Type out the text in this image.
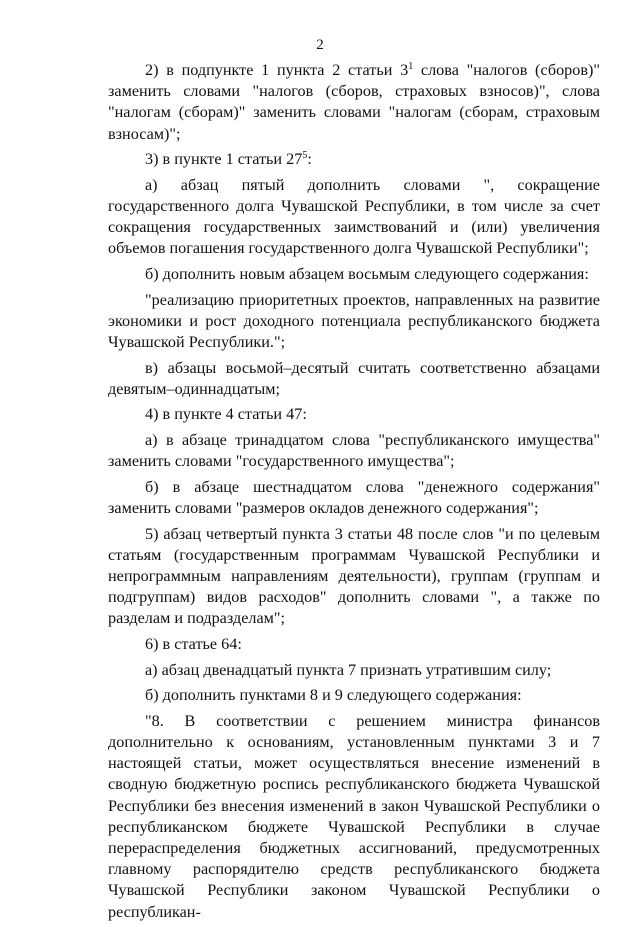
2

2) в подпункте 1 пункта 2 статьи $3^1$ слова "налогов (сборов)" заменить словами "налогов (сборов, страховых взносов)", слова "налогам (сборам)" заменить словами "налогам (сборам, страховым взносам)";

3) в пункте 1 статьи $27^5$:

а) абзац пятый дополнить словами ", сокращение государственного долга Чувашской Республики, в том числе за счет сокращения государственных заимствований и (или) увеличения объемов погашения государственного долга Чувашской Республики";

б) дополнить новым абзацем восьмым следующего содержания:

"реализацию приоритетных проектов, направленных на развитие экономики и рост доходного потенциала республиканского бюджета Чувашской Республики.";

в) абзацы восьмой–десятый считать соответственно абзацами девятым–одиннадцатым;

4) в пункте 4 статьи 47:

а) в абзаце тринадцатом слова "республиканского имущества" заменить словами "государственного имущества";

б) в абзаце шестнадцатом слова "денежного содержания" заменить словами "размеров окладов денежного содержания";

5) абзац четвертый пункта 3 статьи 48 после слов "и по целевым статьям (государственным программам Чувашской Республики и непрограммным направлениям деятельности), группам (группам и подгруппам) видов расходов" дополнить словами ", а также по разделам и подразделам";

6) в статье 64:

а) абзац двенадцатый пункта 7 признать утратившим силу;

б) дополнить пунктами 8 и 9 следующего содержания:

"8. В соответствии с решением министра финансов дополнительно к основаниям, установленным пунктами 3 и 7 настоящей статьи, может осуществляться внесение изменений в сводную бюджетную роспись республиканского бюджета Чувашской Республики без внесения изменений в закон Чувашской Республики о республиканском бюджете Чувашской Республики в случае перераспределения бюджетных ассигнований, предусмотренных главному распорядителю средств республиканского бюджета Чувашской Республики законом Чувашской Республики о республикан-
